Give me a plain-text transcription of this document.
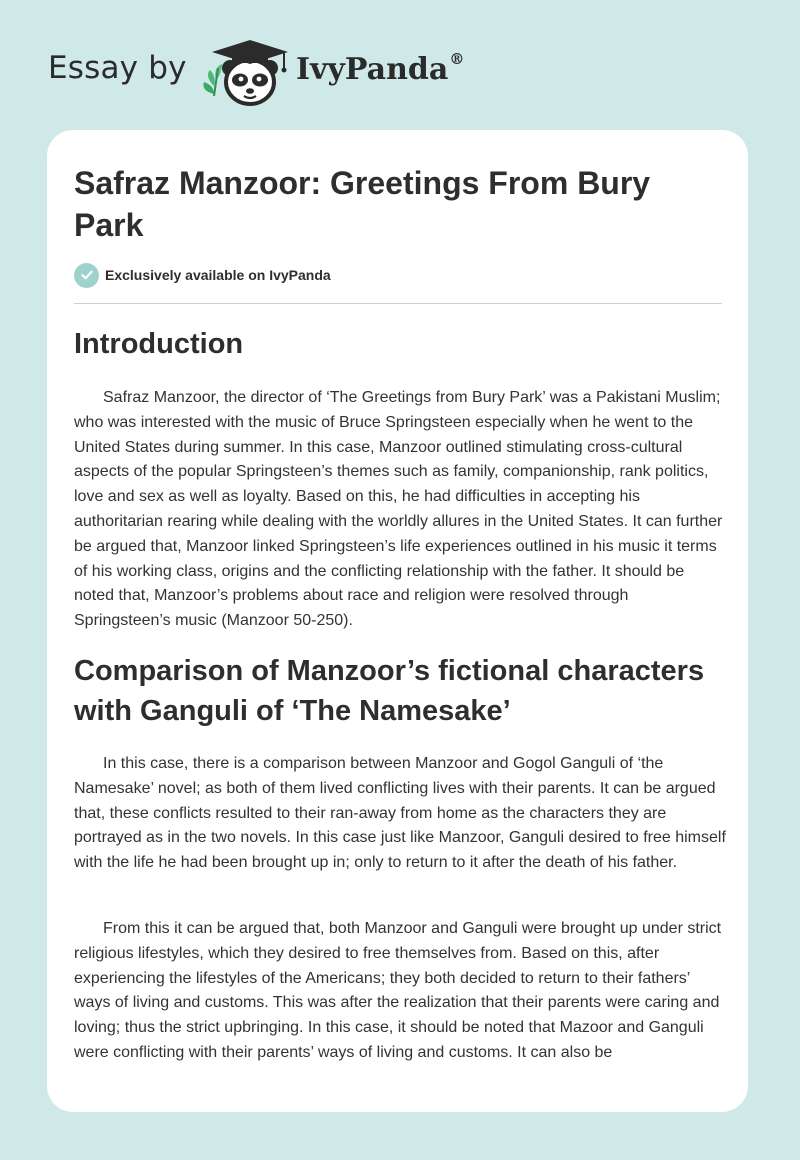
Essay by	IvyPanda®
Safraz Manzoor: Greetings From Bury Park
Exclusively available on IvyPanda
Introduction

Safraz Manzoor, the director of ‘The Greetings from Bury Park’ was a Pakistani Muslim; who was interested with the music of Bruce Springsteen especially when he went to the United States during summer. In this case, Manzoor outlined stimulating cross-cultural aspects of the popular Springsteen’s themes such as family, companionship, rank politics, love and sex as well as loyalty. Based on this, he had difficulties in accepting his authoritarian rearing while dealing with the worldly allures in the United States. It can further be argued that, Manzoor linked Springsteen’s life experiences outlined in his music it terms of his working class, origins and the conflicting relationship with the father. It should be noted that, Manzoor’s problems about race and religion were resolved through Springsteen’s music (Manzoor 50-250).

Comparison of Manzoor’s fictional characters with Ganguli of ‘The Namesake’

In this case, there is a comparison between Manzoor and Gogol Ganguli of ‘the Namesake’ novel; as both of them lived conflicting lives with their parents. It can be argued that, these conflicts resulted to their ran-away from home as the characters they are portrayed as in the two novels. In this case just like Manzoor, Ganguli desired to free himself with the life he had been brought up in; only to return to it after the death of his father.

From this it can be argued that, both Manzoor and Ganguli were brought up under strict religious lifestyles, which they desired to free themselves from. Based on this, after experiencing the lifestyles of the Americans; they both decided to return to their fathers’ ways of living and customs. This was after the realization that their parents were caring and loving; thus the strict upbringing. In this case, it should be noted that Mazoor and Ganguli were conflicting with their parents’ ways of living and customs. It can also be
